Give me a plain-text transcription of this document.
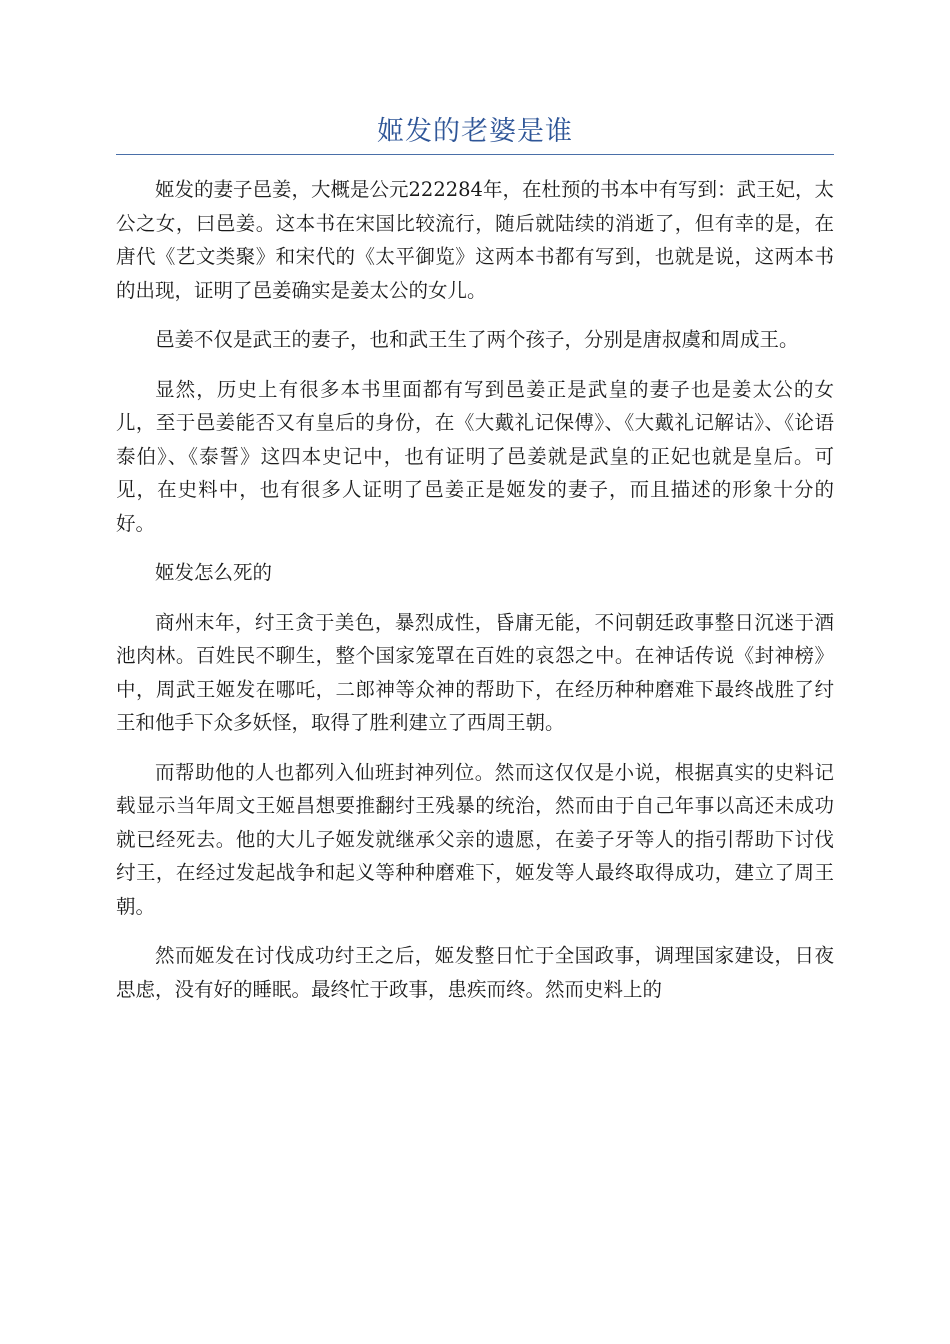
姬发的老婆是谁

姬发的妻子邑姜，大概是公元222284年，在杜预的书本中有写到：武王妃，太公之女，曰邑姜。这本书在宋国比较流行，随后就陆续的消逝了，但有幸的是，在唐代《艺文类聚》和宋代的《太平御览》这两本书都有写到，也就是说，这两本书的出现，证明了邑姜确实是姜太公的女儿。

邑姜不仅是武王的妻子，也和武王生了两个孩子，分别是唐叔虞和周成王。

显然，历史上有很多本书里面都有写到邑姜正是武皇的妻子也是姜太公的女儿，至于邑姜能否又有皇后的身份，在《大戴礼记保傅》、《大戴礼记解诂》、《论语泰伯》、《泰誓》这四本史记中，也有证明了邑姜就是武皇的正妃也就是皇后。可见，在史料中，也有很多人证明了邑姜正是姬发的妻子，而且描述的形象十分的好。

姬发怎么死的

商州末年，纣王贪于美色，暴烈成性，昏庸无能，不问朝廷政事整日沉迷于酒池肉林。百姓民不聊生，整个国家笼罩在百姓的哀怨之中。在神话传说《封神榜》中，周武王姬发在哪吒，二郎神等众神的帮助下，在经历种种磨难下最终战胜了纣王和他手下众多妖怪，取得了胜利建立了西周王朝。

而帮助他的人也都列入仙班封神列位。然而这仅仅是小说，根据真实的史料记载显示当年周文王姬昌想要推翻纣王残暴的统治，然而由于自己年事以高还未成功就已经死去。他的大儿子姬发就继承父亲的遗愿，在姜子牙等人的指引帮助下讨伐纣王，在经过发起战争和起义等种种磨难下，姬发等人最终取得成功，建立了周王朝。

然而姬发在讨伐成功纣王之后，姬发整日忙于全国政事，调理国家建设，日夜思虑，没有好的睡眠。最终忙于政事，患疾而终。然而史料上的
